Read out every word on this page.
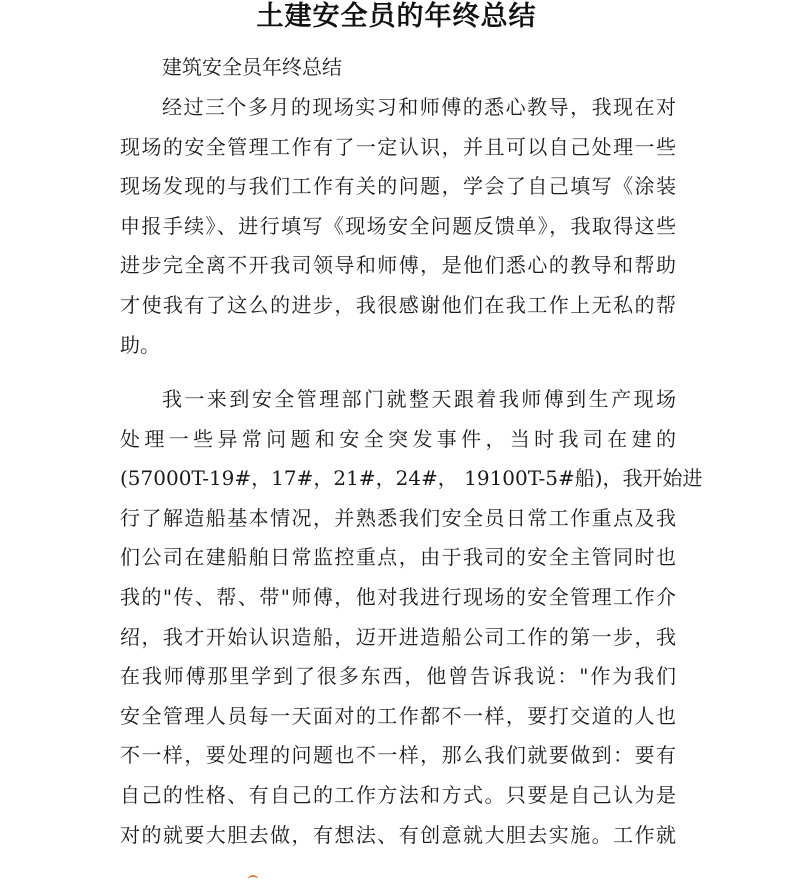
土建安全员的年终总结
建筑安全员年终总结
经过三个多月的现场实习和师傅的悉心教导，我现在对
现场的安全管理工作有了一定认识，并且可以自己处理一些
现场发现的与我们工作有关的问题，学会了自己填写《涂装
申报手续》、进行填写《现场安全问题反馈单》，我取得这些
进步完全离不开我司领导和师傅，是他们悉心的教导和帮助
才使我有了这么的进步，我很感谢他们在我工作上无私的帮
助。
我一来到安全管理部门就整天跟着我师傅到生产现场
处理一些异常问题和安全突发事件，当时我司在建的
(57000T-19#，17#，21#，24#， 19100T-5#船)，我开始进
行了解造船基本情况，并熟悉我们安全员日常工作重点及我
们公司在建船舶日常监控重点，由于我司的安全主管同时也
我的"传、帮、带"师傅，他对我进行现场的安全管理工作介
绍，我才开始认识造船，迈开进造船公司工作的第一步，我
在我师傅那里学到了很多东西，他曾告诉我说："作为我们
安全管理人员每一天面对的工作都不一样，要打交道的人也
不一样，要处理的问题也不一样，那么我们就要做到：要有
自己的性格、有自己的工作方法和方式。只要是自己认为是
对的就要大胆去做，有想法、有创意就大胆去实施。工作就
